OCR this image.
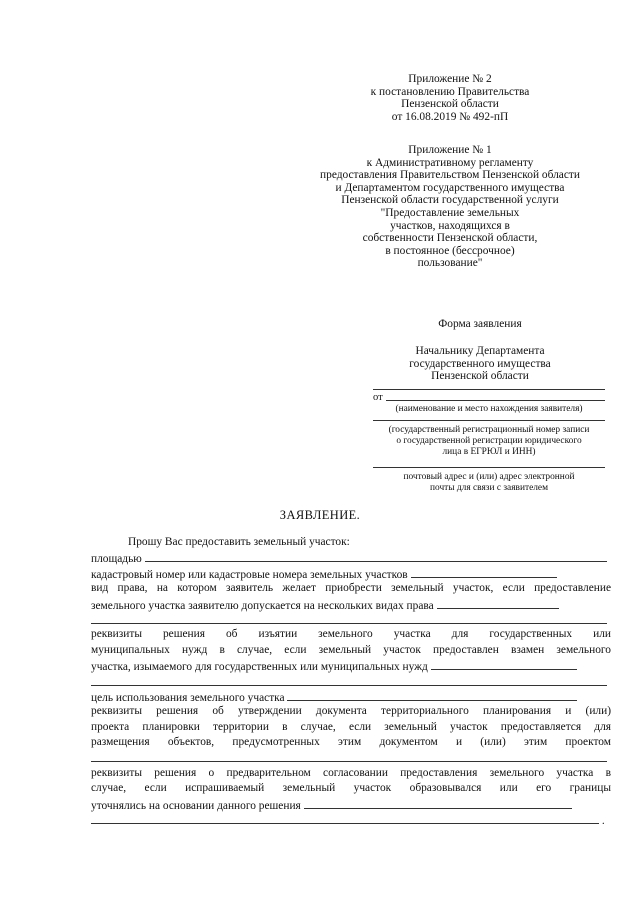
Приложение № 2
к постановлению Правительства
Пензенской области
от 16.08.2019 № 492-пП
Приложение № 1
к Административному регламенту
предоставления Правительством Пензенской области
и Департаментом государственного имущества
Пензенской области государственной услуги
"Предоставление земельных
участков, находящихся в
собственности Пензенской области,
в постоянное (бессрочное)
пользование"
Форма заявления
Начальнику Департамента
государственного имущества
Пензенской области
от
(наименование и место нахождения заявителя)
(государственный регистрационный номер записи
о государственной регистрации юридического
лица в ЕГРЮЛ и ИНН)
почтовый адрес и (или) адрес электронной
почты для связи с заявителем
ЗАЯВЛЕНИЕ.
Прошу Вас предоставить земельный участок:
площадью
кадастровый номер или кадастровые номера земельных участков
вид права, на котором заявитель желает приобрести земельный участок, если предоставление
земельного участка заявителю допускается на нескольких видах права
реквизиты решения об изъятии земельного участка для государственных или
муниципальных нужд в случае, если земельный участок предоставлен взамен земельного
участка, изымаемого для государственных или муниципальных нужд
цель использования земельного участка
реквизиты решения об утверждении документа территориального планирования и (или)
проекта планировки территории в случае, если земельный участок предоставляется для
размещения объектов, предусмотренных этим документом и (или) этим проектом
реквизиты решения о предварительном согласовании предоставления земельного участка в
случае, если испрашиваемый земельный участок образовывался или его границы
уточнялись на основании данного решения
.
